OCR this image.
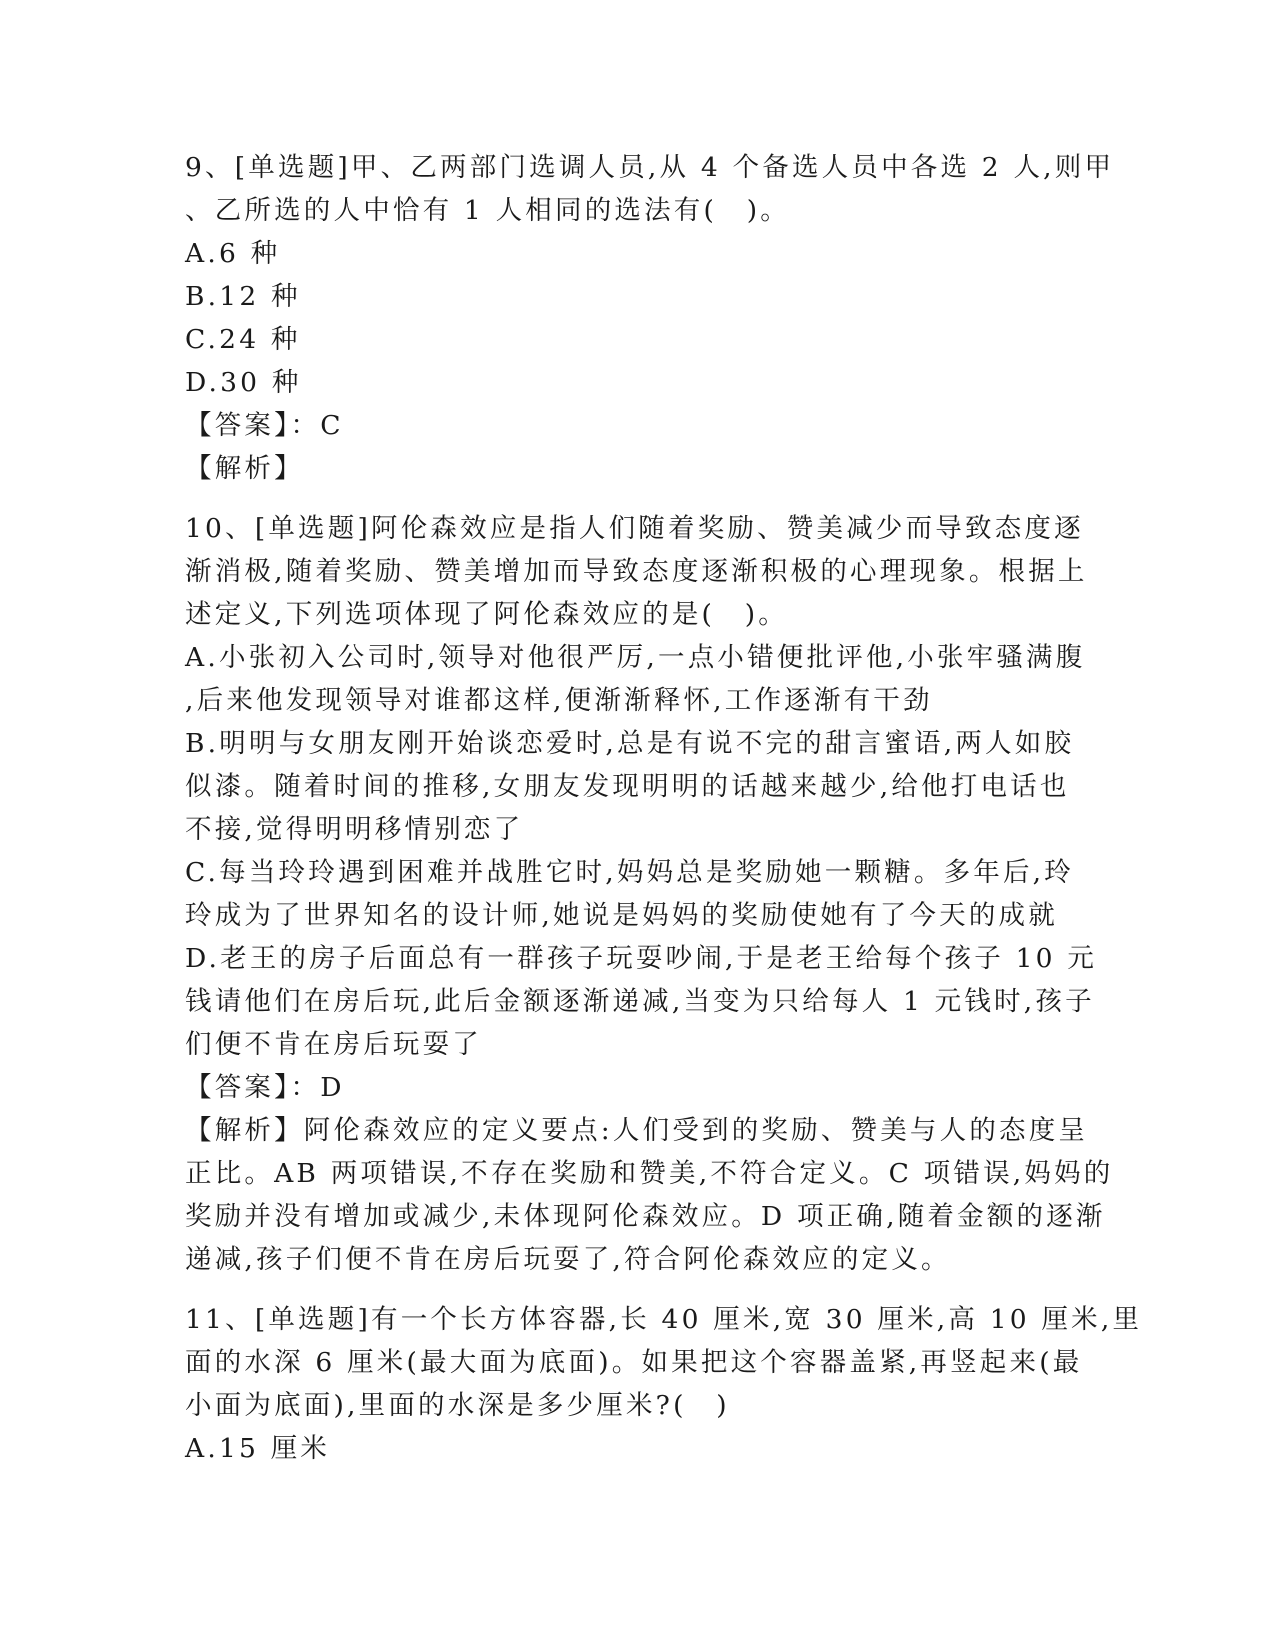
9、[单选题]甲、乙两部门选调人员,从 4 个备选人员中各选 2 人,则甲

、乙所选的人中恰有 1 人相同的选法有(　)。

A.6 种

B.12 种

C.24 种

D.30 种

【答案】：C

【解析】

10、[单选题]阿伦森效应是指人们随着奖励、赞美减少而导致态度逐

渐消极,随着奖励、赞美增加而导致态度逐渐积极的心理现象。根据上

述定义,下列选项体现了阿伦森效应的是(　)。

A.小张初入公司时,领导对他很严厉,一点小错便批评他,小张牢骚满腹

,后来他发现领导对谁都这样,便渐渐释怀,工作逐渐有干劲

B.明明与女朋友刚开始谈恋爱时,总是有说不完的甜言蜜语,两人如胶

似漆。随着时间的推移,女朋友发现明明的话越来越少,给他打电话也

不接,觉得明明移情别恋了

C.每当玲玲遇到困难并战胜它时,妈妈总是奖励她一颗糖。多年后,玲

玲成为了世界知名的设计师,她说是妈妈的奖励使她有了今天的成就

D.老王的房子后面总有一群孩子玩耍吵闹,于是老王给每个孩子 10 元

钱请他们在房后玩,此后金额逐渐递减,当变为只给每人 1 元钱时,孩子

们便不肯在房后玩耍了

【答案】：D

【解析】阿伦森效应的定义要点:人们受到的奖励、赞美与人的态度呈

正比。AB 两项错误,不存在奖励和赞美,不符合定义。C 项错误,妈妈的

奖励并没有增加或减少,未体现阿伦森效应。D 项正确,随着金额的逐渐

递减,孩子们便不肯在房后玩耍了,符合阿伦森效应的定义。

11、[单选题]有一个长方体容器,长 40 厘米,宽 30 厘米,高 10 厘米,里

面的水深 6 厘米(最大面为底面)。如果把这个容器盖紧,再竖起来(最

小面为底面),里面的水深是多少厘米?(　)

A.15 厘米
